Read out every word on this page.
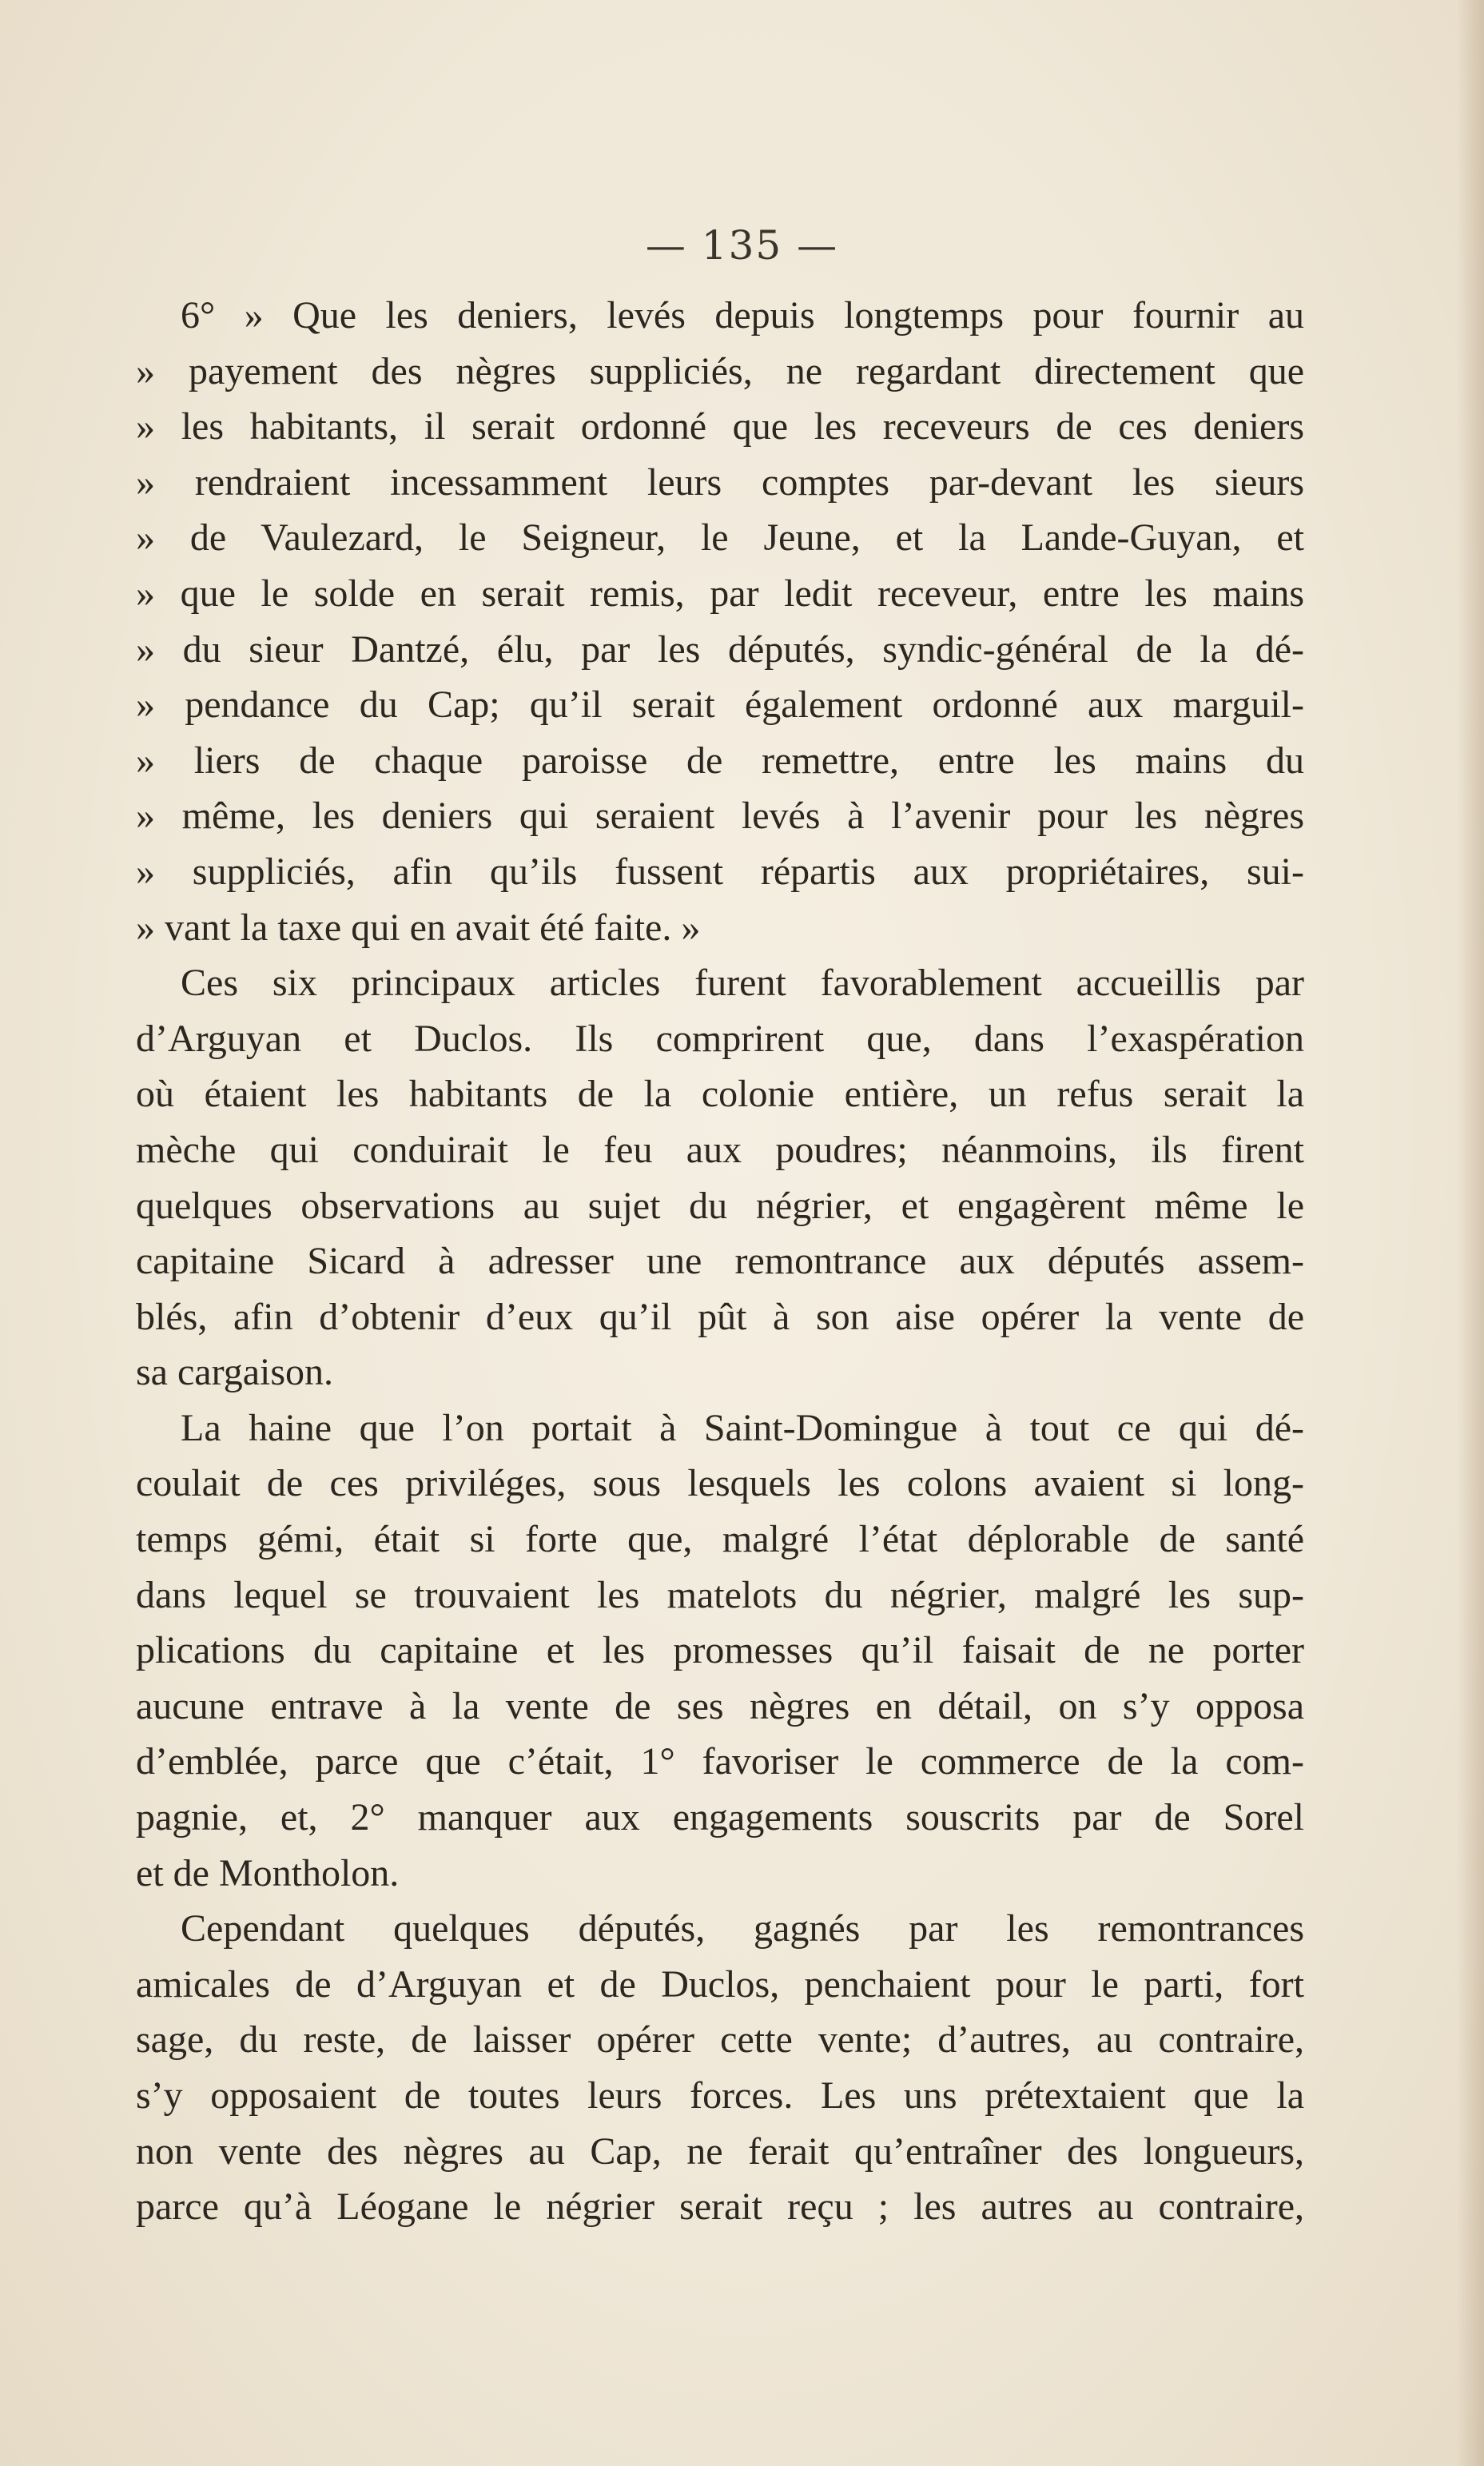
— 135 —
6° » Que les deniers, levés depuis longtemps pour fournir au
» payement des nègres suppliciés, ne regardant directement que
» les habitants, il serait ordonné que les receveurs de ces deniers
» rendraient incessamment leurs comptes par-devant les sieurs
» de Vaulezard, le Seigneur, le Jeune, et la Lande-Guyan, et
» que le solde en serait remis, par ledit receveur, entre les mains
» du sieur Dantzé, élu, par les députés, syndic-général de la dé-
» pendance du Cap; qu’il serait également ordonné aux marguil-
» liers de chaque paroisse de remettre, entre les mains du
» même, les deniers qui seraient levés à l’avenir pour les nègres
» suppliciés, afin qu’ils fussent répartis aux propriétaires, sui-
» vant la taxe qui en avait été faite. »
Ces six principaux articles furent favorablement accueillis par
d’Arguyan et Duclos. Ils comprirent que, dans l’exaspération
où étaient les habitants de la colonie entière, un refus serait la
mèche qui conduirait le feu aux poudres; néanmoins, ils firent
quelques observations au sujet du négrier, et engagèrent même le
capitaine Sicard à adresser une remontrance aux députés assem-
blés, afin d’obtenir d’eux qu’il pût à son aise opérer la vente de
sa cargaison.
La haine que l’on portait à Saint-Domingue à tout ce qui dé-
coulait de ces priviléges, sous lesquels les colons avaient si long-
temps gémi, était si forte que, malgré l’état déplorable de santé
dans lequel se trouvaient les matelots du négrier, malgré les sup-
plications du capitaine et les promesses qu’il faisait de ne porter
aucune entrave à la vente de ses nègres en détail, on s’y opposa
d’emblée, parce que c’était, 1° favoriser le commerce de la com-
pagnie, et, 2° manquer aux engagements souscrits par de Sorel
et de Montholon.
Cependant quelques députés, gagnés par les remontrances
amicales de d’Arguyan et de Duclos, penchaient pour le parti, fort
sage, du reste, de laisser opérer cette vente; d’autres, au contraire,
s’y opposaient de toutes leurs forces. Les uns prétextaient que la
non vente des nègres au Cap, ne ferait qu’entraîner des longueurs,
parce qu’à Léogane le négrier serait reçu ; les autres au contraire,
